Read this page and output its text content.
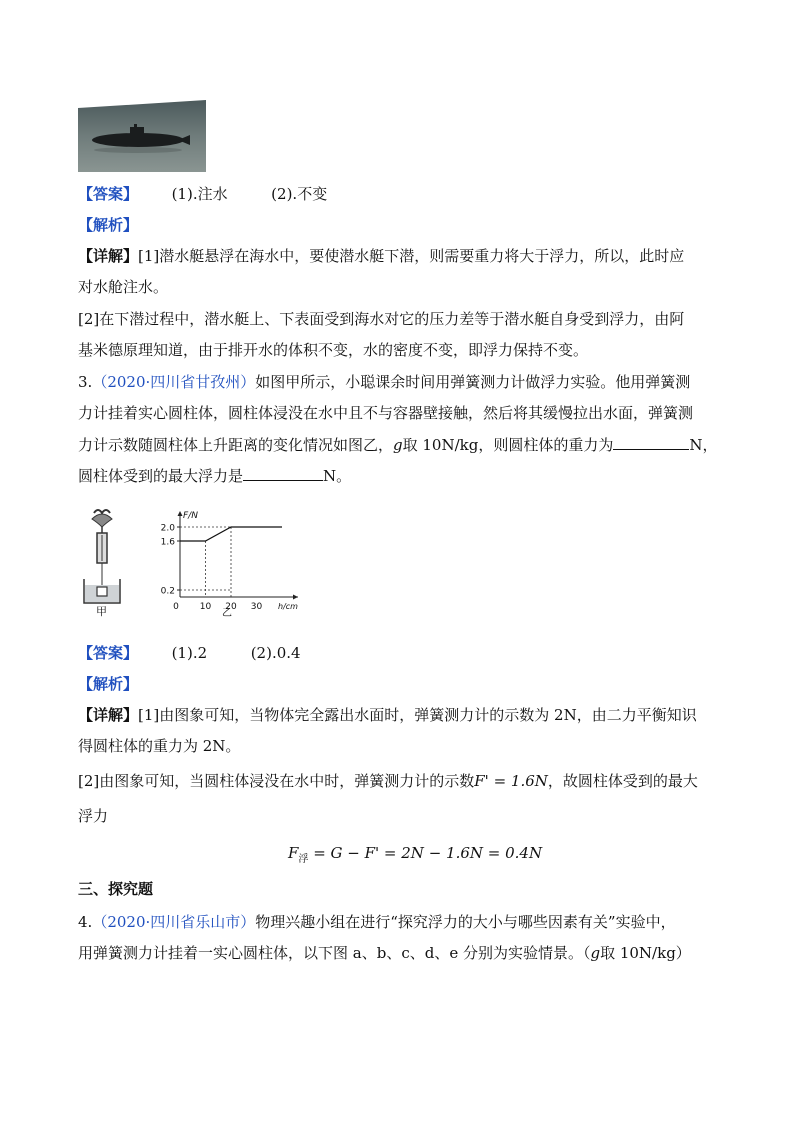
【答案】 (1).注水	(2).不变
【解析】
【详解】[1]潜水艇悬浮在海水中，要使潜水艇下潜，则需要重力将大于浮力，所以，此时应
对水舱注水。
[2]在下潜过程中，潜水艇上、下表面受到海水对它的压力差等于潜水艇自身受到浮力，由阿
基米德原理知道，由于排开水的体积不变，水的密度不变，即浮力保持不变。
3.（2020·四川省甘孜州）如图甲所示，小聪课余时间用弹簧测力计做浮力实验。他用弹簧测
力计挂着实心圆柱体，圆柱体浸没在水中且不与容器壁接触，然后将其缓慢拉出水面，弹簧测
力计示数随圆柱体上升距离的变化情况如图乙，g取 10N/kg，则圆柱体的重力为	N，
圆柱体受到的最大浮力是	N。
甲
0.2
1.6
2.0
0 10 20 30
F/N
h/cm
乙
【答案】 (1).2	(2).0.4
【解析】
【详解】[1]由图象可知，当物体完全露出水面时，弹簧测力计的示数为 2N，由二力平衡知识
得圆柱体的重力为 2N。
[2]由图象可知，当圆柱体浸没在水中时，弹簧测力计的示数F' = 1.6N，故圆柱体受到的最大
浮力
$F_浮 = G - F' = 2N - 1.6N = 0.4N$
三、探究题
4.（2020·四川省乐山市）物理兴趣小组在进行“探究浮力的大小与哪些因素有关”实验中，
用弹簧测力计挂着一实心圆柱体，以下图 a、b、c、d、e 分别为实验情景。（g取 10N/kg）
